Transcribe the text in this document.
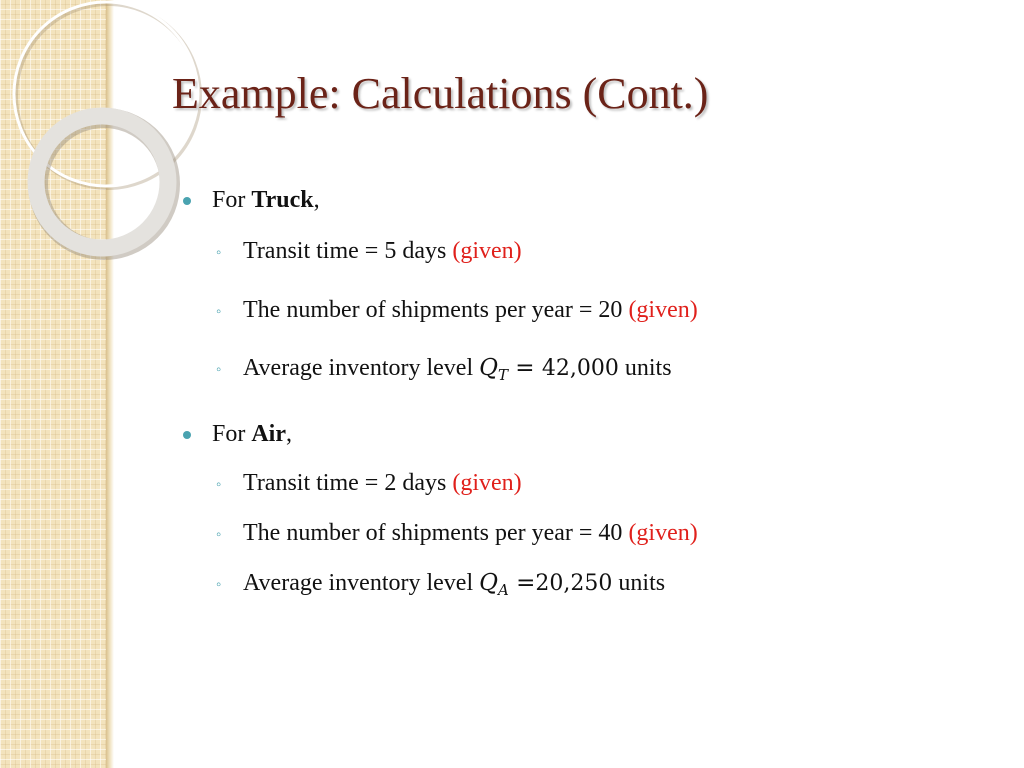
Example: Calculations (Cont.)
For Truck,
◦ Transit time = 5 days (given)
◦ The number of shipments per year = 20 (given)
◦ Average inventory level $Q_T = 42,000$ units
For Air,
◦ Transit time = 2 days (given)
◦ The number of shipments per year = 40 (given)
◦ Average inventory level $Q_A =20,250$ units
